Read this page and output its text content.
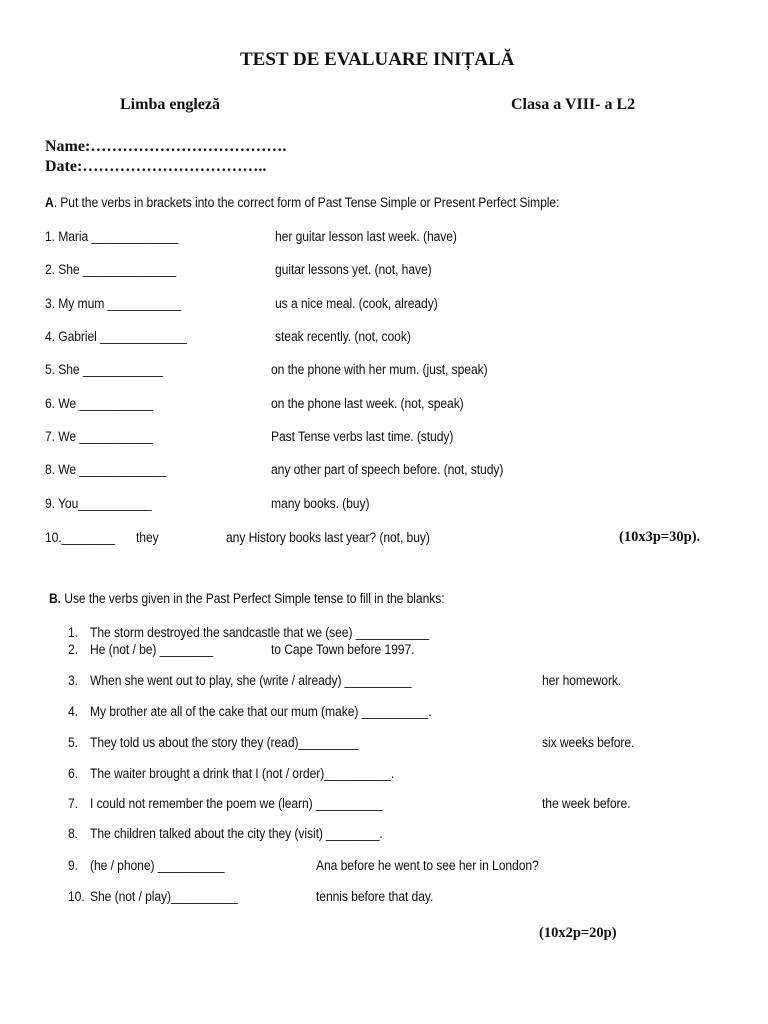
TEST DE EVALUARE INIȚALĂ
Limba engleză	Clasa a VIII- a L2
Name:……………………………….
Date:……………………………..
A. Put the verbs in brackets into the correct form of Past Tense Simple or Present Perfect Simple:
1. Maria _____________	her guitar lesson last week. (have)
2. She ______________	guitar lessons yet. (not, have)
3. My mum ___________	us a nice meal. (cook, already)
4. Gabriel _____________	steak recently. (not, cook)
5. She ____________	on the phone with her mum. (just, speak)
6. We ___________	on the phone last week. (not, speak)
7. We ___________	Past Tense verbs last time. (study)
8. We _____________	any other part of speech before. (not, study)
9. You___________	many books. (buy)
10.________ they	any History books last year? (not, buy)	(10x3p=30p).
B. Use the verbs given in the Past Perfect Simple tense to fill in the blanks:
1. The storm destroyed the sandcastle that we (see) ___________
2. He (not / be) ________	to Cape Town before 1997.
3. When she went out to play, she (write / already) __________	her homework.
4. My brother ate all of the cake that our mum (make) __________.
5. They told us about the story they (read)_________	six weeks before.
6. The waiter brought a drink that I (not / order)__________.
7. I could not remember the poem we (learn) __________	the week before.
8. The children talked about the city they (visit) ________.
9. (he / phone) __________	Ana before he went to see her in London?
10. She (not / play)__________	tennis before that day.
(10x2p=20p)
